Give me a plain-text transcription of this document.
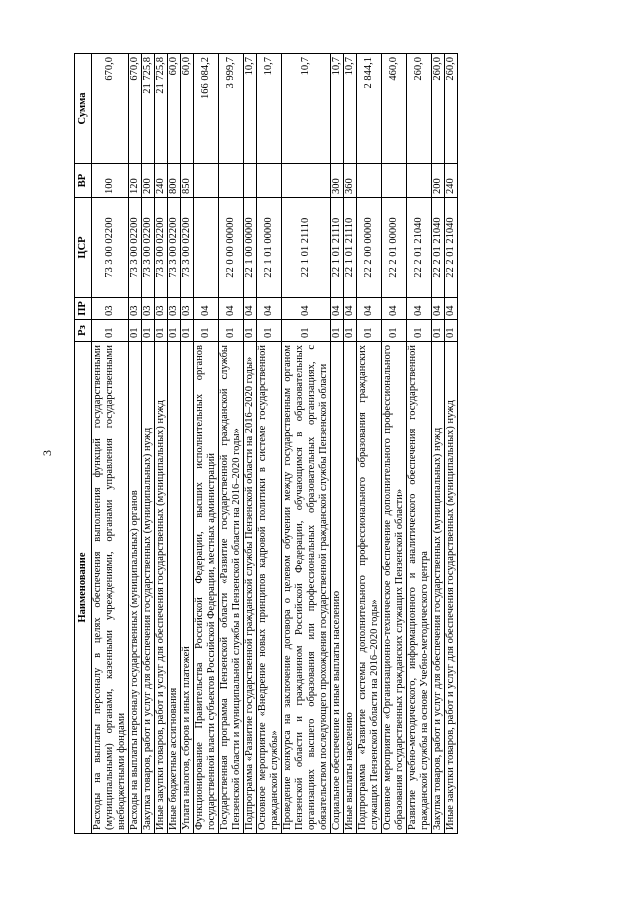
3
Наименование	Рз	ПР	ЦСР	ВР	Сумма
Расходы на выплаты персоналу в целях обеспечения выполнения функций государственными (муниципальными) органами, казенными учреждениями, органами управления государственными внебюджетными фондами	01	03	73 3 00 02200	100	670,0
Расходы на выплаты персоналу государственных (муниципальных) органов	01	03	73 3 00 02200	120	670,0
Закупка товаров, работ и услуг для обеспечения государственных (муниципальных) нужд	01	03	73 3 00 02200	200	21 725,8
Иные закупки товаров, работ и услуг для обеспечения государственных (муниципальных) нужд	01	03	73 3 00 02200	240	21 725,8
Иные бюджетные ассигнования	01	03	73 3 00 02200	800	60,0
Уплата налогов, сборов и иных платежей	01	03	73 3 00 02200	850	60,0
Функционирование Правительства Российской Федерации, высших исполнительных органов государственной власти субъектов Российской Федерации, местных администраций	01	04			166 084,2
Государственная программа Пензенской области «Развитие государственной гражданской службы Пензенской области и муниципальной службы в Пензенской области на 2016–2020 годы»	01	04	22 0 00 00000		3 999,7
Подпрограмма «Развитие государственной гражданской службы Пензенской области на 2016–2020 годы»	01	04	22 1 00 00000		10,7
Основное мероприятие «Внедрение новых принципов кадровой политики в системе государственной гражданской службы»	01	04	22 1 01 00000		10,7
Проведение конкурса на заключение договора о целевом обучении между государственным органом Пензенской области и гражданином Российской Федерации, обучающимся в образовательных организациях высшего образования или профессиональных образовательных организациях, с обязательством последующего прохождения государственной гражданской службы Пензенской области	01	04	22 1 01 21110		10,7
Социальное обеспечение и иные выплаты населению	01	04	22 1 01 21110	300	10,7
Иные выплаты населению	01	04	22 1 01 21110	360	10,7
Подпрограмма «Развитие системы дополнительного профессионального образования гражданских служащих Пензенской области на 2016–2020 годы»	01	04	22 2 00 00000		2 844,1
Основное мероприятие «Организационно-техническое обеспечение дополнительного профессионального образования государственных гражданских служащих Пензенской области»	01	04	22 2 01 00000		460,0
Развитие учебно-методического, информационного и аналитического обеспечения государственной гражданской службы на основе Учебно-методического центра	01	04	22 2 01 21040		260,0
Закупка товаров, работ и услуг для обеспечения государственных (муниципальных) нужд	01	04	22 2 01 21040	200	260,0
Иные закупки товаров, работ и услуг для обеспечения государственных (муниципальных) нужд	01	04	22 2 01 21040	240	260,0
